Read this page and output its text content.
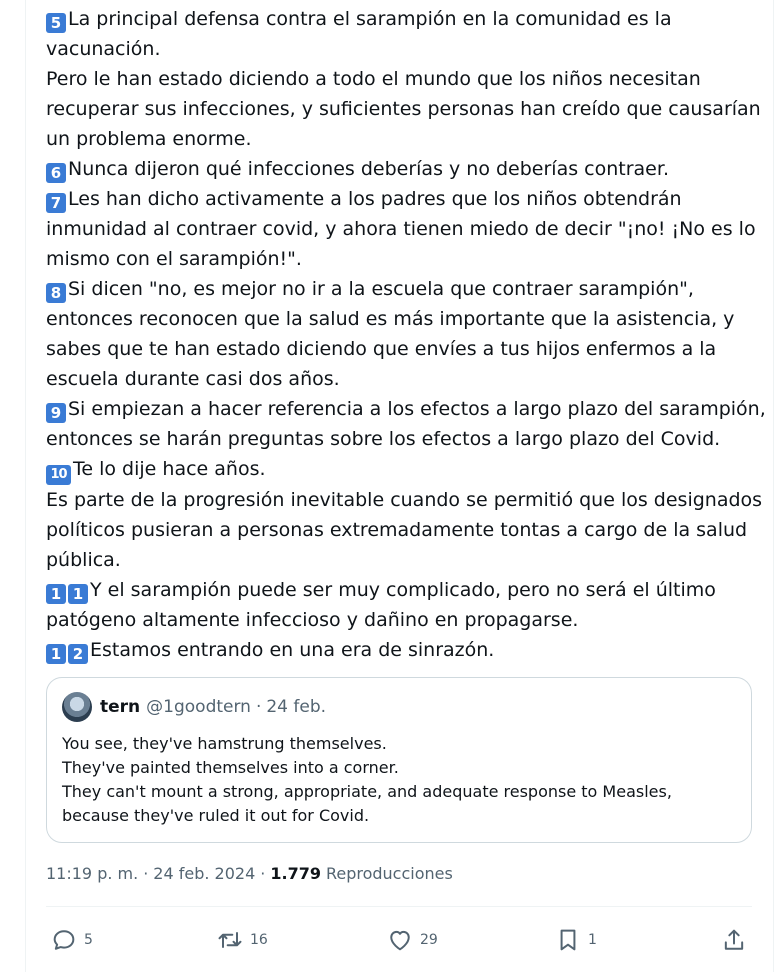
5 La principal defensa contra el sarampión en la comunidad es la
vacunación.
Pero le han estado diciendo a todo el mundo que los niños necesitan
recuperar sus infecciones, y suficientes personas han creído que causarían
un problema enorme.
6 Nunca dijeron qué infecciones deberías y no deberías contraer.
7 Les han dicho activamente a los padres que los niños obtendrán
inmunidad al contraer covid, y ahora tienen miedo de decir "¡no! ¡No es lo
mismo con el sarampión!".
8 Si dicen "no, es mejor no ir a la escuela que contraer sarampión",
entonces reconocen que la salud es más importante que la asistencia, y
sabes que te han estado diciendo que envíes a tus hijos enfermos a la
escuela durante casi dos años.
9 Si empiezan a hacer referencia a los efectos a largo plazo del sarampión,
entonces se harán preguntas sobre los efectos a largo plazo del Covid.
10 Te lo dije hace años.
Es parte de la progresión inevitable cuando se permitió que los designados
políticos pusieran a personas extremadamente tontas a cargo de la salud
pública.
1 1 Y el sarampión puede ser muy complicado, pero no será el último
patógeno altamente infeccioso y dañino en propagarse.
1 2 Estamos entrando en una era de sinrazón.
tern @1goodtern · 24 feb.
You see, they've hamstrung themselves.
They've painted themselves into a corner.
They can't mount a strong, appropriate, and adequate response to Measles,
because they've ruled it out for Covid.
11:19 p. m. · 24 feb. 2024 · 1.779 Reproducciones
5	16	29	1
